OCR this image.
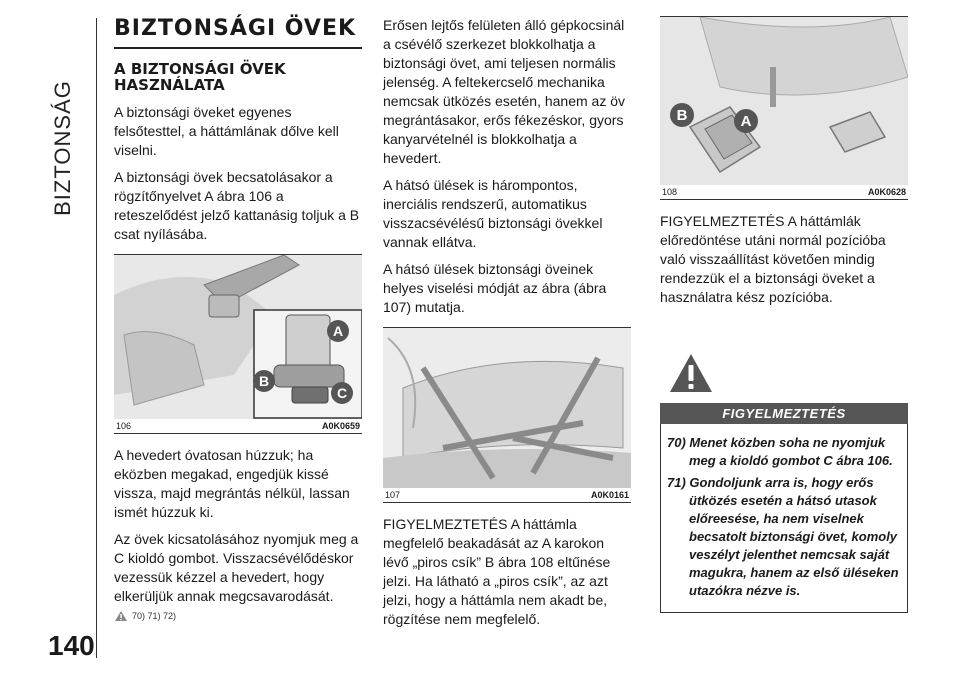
BIZTONSÁG
140
BIZTONSÁGI ÖVEK
A BIZTONSÁGI ÖVEK HASZNÁLATA

A biztonsági öveket egyenes felsőtesttel, a háttámlának dőlve kell viselni.

A biztonsági övek becsatolásakor a rögzítőnyelvet A ábra 106 a reteszelődést jelző kattanásig toljuk a B csat nyílásába.

A
B
C
106	A0K0659

A hevedert óvatosan húzzuk; ha eközben megakad, engedjük kissé vissza, majd megrántás nélkül, lassan ismét húzzuk ki.

Az övek kicsatolásához nyomjuk meg a C kioldó gombot. Visszacsévélődéskor vezessük kézzel a hevedert, hogy elkerüljük annak megcsavarodását.

70) 71) 72)

Erősen lejtős felületen álló gépkocsinál a csévélő szerkezet blokkolhatja a biztonsági övet, ami teljesen normális jelenség. A feltekercselő mechanika nemcsak ütközés esetén, hanem az öv megrántásakor, erős fékezéskor, gyors kanyarvételnél is blokkolhatja a hevedert.

A hátsó ülések is hárompontos, inerciális rendszerű, automatikus visszacsévélésű biztonsági övekkel vannak ellátva.

A hátsó ülések biztonsági öveinek helyes viselési módját az ábra (ábra 107) mutatja.

107	A0K0161

FIGYELMEZTETÉS A háttámla megfelelő beakadását az A karokon lévő „piros csík” B ábra 108 eltűnése jelzi. Ha látható a „piros csík”, az azt jelzi, hogy a háttámla nem akadt be, rögzítése nem megfelelő.

B	A
108	A0K0628

FIGYELMEZTETÉS A háttámlák előredöntése utáni normál pozícióba való visszaállítást követően mindig rendezzük el a biztonsági öveket a használatra kész pozícióba.

FIGYELMEZTETÉS
70) Menet közben soha ne nyomjuk meg a kioldó gombot C ábra 106.
71) Gondoljunk arra is, hogy erős ütközés esetén a hátsó utasok előreesése, ha nem viselnek becsatolt biztonsági övet, komoly veszélyt jelenthet nemcsak saját magukra, hanem az első üléseken utazókra nézve is.
